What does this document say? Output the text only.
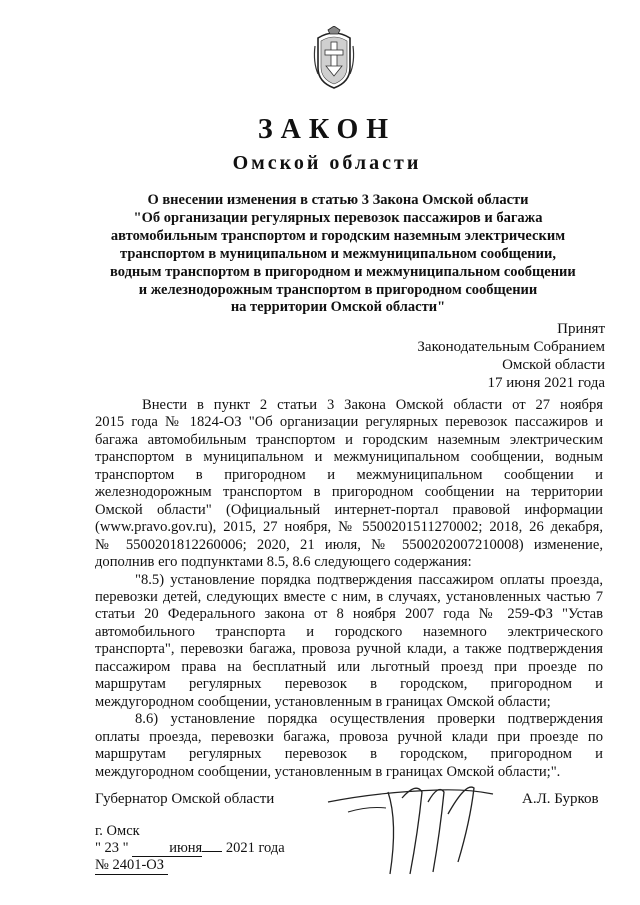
ЗАКОН
Омской области
О внесении изменения в статью 3 Закона Омской области
"Об организации регулярных перевозок пассажиров и багажа
автомобильным транспортом и городским наземным электрическим
транспортом в муниципальном и межмуниципальном сообщении,
водным транспортом в пригородном и межмуниципальном сообщении
и железнодорожным транспортом в пригородном сообщении
на территории Омской области"
Принят
Законодательным Собранием
Омской области
17 июня 2021 года
Внести в пункт 2 статьи 3 Закона Омской области от 27 ноября
2015 года № 1824-ОЗ "Об организации регулярных перевозок пассажиров и
багажа автомобильным транспортом и городским наземным электрическим
транспортом в муниципальном и межмуниципальном сообщении, водным
транспортом в пригородном и межмуниципальном сообщении и
железнодорожным транспортом в пригородном сообщении на территории
Омской области" (Официальный интернет-портал правовой информации
(www.pravo.gov.ru), 2015, 27 ноября, № 5500201511270002; 2018, 26 декабря,
№ 5500201812260006; 2020, 21 июля, № 5500202007210008) изменение,
дополнив его подпунктами 8.5, 8.6 следующего содержания:
"8.5) установление порядка подтверждения пассажиром оплаты проезда,
перевозки детей, следующих вместе с ним, в случаях, установленных частью 7
статьи 20 Федерального закона от 8 ноября 2007 года № 259-ФЗ "Устав
автомобильного транспорта и городского наземного электрического
транспорта", перевозки багажа, провоза ручной клади, а также подтверждения
пассажиром права на бесплатный или льготный проезд при проезде по
маршрутам регулярных перевозок в городском, пригородном и
междугородном сообщении, установленным в границах Омской области;
8.6) установление порядка осуществления проверки подтверждения
оплаты проезда, перевозки багажа, провоза ручной клади при проезде по
маршрутам регулярных перевозок в городском, пригородном и
междугородном сообщении, установленным в границах Омской области;".
Губернатор Омской области	А.Л. Бурков
г. Омск
" 23 "	июня 2021 года
№ 2401-ОЗ
